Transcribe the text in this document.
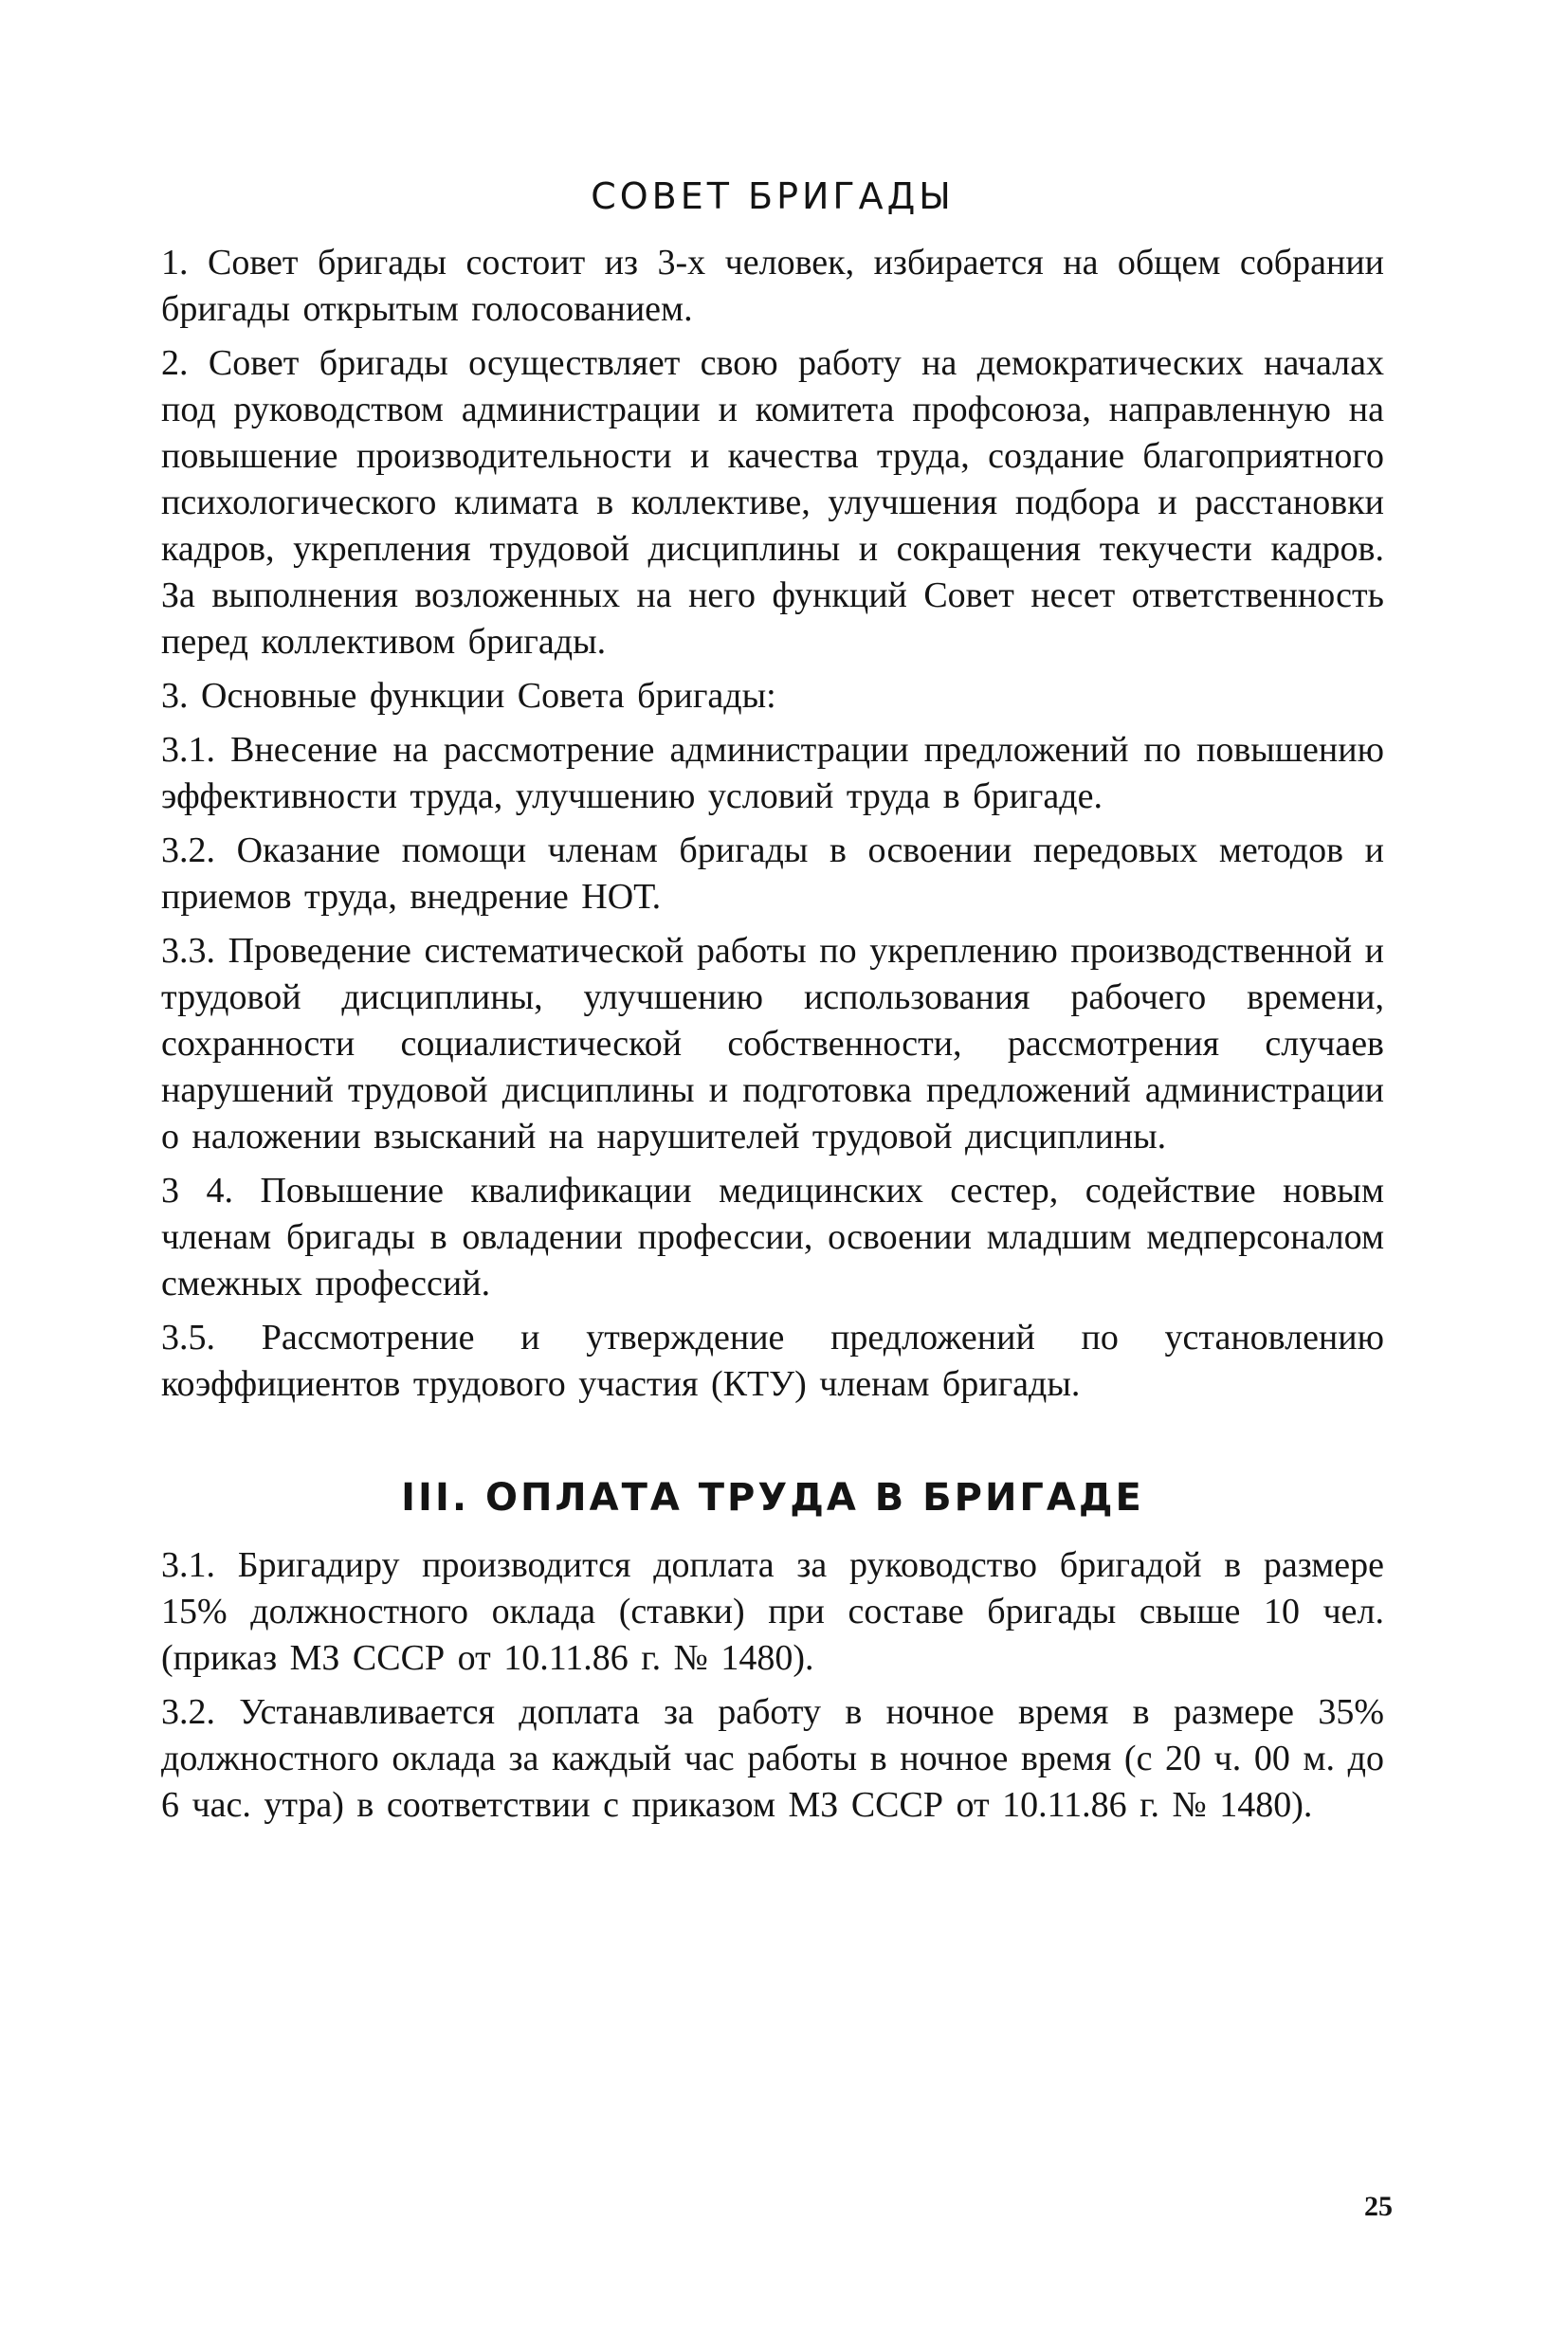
СОВЕТ БРИГАДЫ

1. Совет бригады состоит из 3-х человек, избирается на общем собрании бригады открытым голосованием.

2. Совет бригады осуществляет свою работу на демократических началах под руководством администрации и комитета профсоюза, направленную на повышение производительности и качества труда, создание благоприятного психологического климата в коллективе, улучшения подбора и расстановки кадров, укрепления трудовой дисциплины и сокращения текучести кадров. За выполнения возложенных на него функций Совет несет ответственность перед коллективом бригады.

3. Основные функции Совета бригады:

3.1. Внесение на рассмотрение администрации предложений по повышению эффективности труда, улучшению условий труда в бригаде.

3.2. Оказание помощи членам бригады в освоении передовых методов и приемов труда, внедрение НОТ.

3.3. Проведение систематической работы по укреплению производственной и трудовой дисциплины, улучшению использования рабочего времени, сохранности социалистической собственности, рассмотрения случаев нарушений трудовой дисциплины и подготовка предложений администрации о наложении взысканий на нарушителей трудовой дисциплины.

3 4. Повышение квалификации медицинских сестер, содействие новым членам бригады в овладении профессии, освоении младшим медперсоналом смежных профессий.

3.5. Рассмотрение и утверждение предложений по установлению коэффициентов трудового участия (КТУ) членам бригады.

III. ОПЛАТА ТРУДА В БРИГАДЕ

3.1. Бригадиру производится доплата за руководство бригадой в размере 15% должностного оклада (ставки) при составе бригады свыше 10 чел. (приказ МЗ СССР от 10.11.86 г. № 1480).

3.2. Устанавливается доплата за работу в ночное время в размере 35% должностного оклада за каждый час работы в ночное время (с 20 ч. 00 м. до 6 час. утра) в соответствии с приказом МЗ СССР от 10.11.86 г. № 1480).

25
